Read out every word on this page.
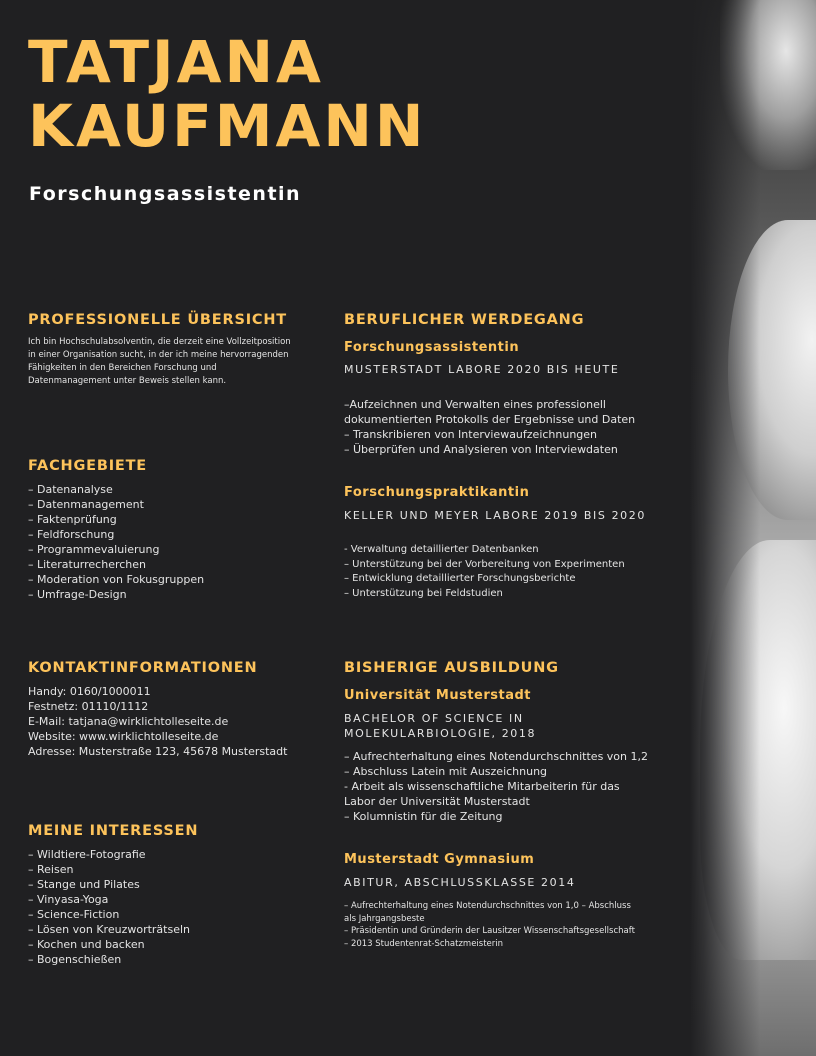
TATJANA
KAUFMANN

Forschungsassistentin

PROFESSIONELLE ÜBERSICHT
Ich bin Hochschulabsolventin, die derzeit eine Vollzeitposition
in einer Organisation sucht, in der ich meine hervorragenden
Fähigkeiten in den Bereichen Forschung und
Datenmanagement unter Beweis stellen kann.
FACHGEBIETE
– Datenanalyse
– Datenmanagement
– Faktenprüfung
– Feldforschung
– Programmevaluierung
– Literaturrecherchen
– Moderation von Fokusgruppen
– Umfrage-Design
KONTAKTINFORMATIONEN
Handy: 0160/1000011
Festnetz: 01110/1112
E-Mail: tatjana@wirklichtolleseite.de
Website: www.wirklichtolleseite.de
Adresse: Musterstraße 123, 45678 Musterstadt
MEINE INTERESSEN
– Wildtiere-Fotografie
– Reisen
– Stange und Pilates
– Vinyasa-Yoga
– Science-Fiction
– Lösen von Kreuzworträtseln
– Kochen und backen
– Bogenschießen
BERUFLICHER WERDEGANG

Forschungsassistentin

MUSTERSTADT LABORE 2020 BIS HEUTE

–Aufzeichnen und Verwalten eines professionell
dokumentierten Protokolls der Ergebnisse und Daten
– Transkribieren von Interviewaufzeichnungen
– Überprüfen und Analysieren von Interviewdaten

Forschungspraktikantin

KELLER UND MEYER LABORE 2019 BIS 2020

- Verwaltung detaillierter Datenbanken
– Unterstützung bei der Vorbereitung von Experimenten
– Entwicklung detaillierter Forschungsberichte
– Unterstützung bei Feldstudien
BISHERIGE AUSBILDUNG

Universität Musterstadt

BACHELOR OF SCIENCE IN

MOLEKULARBIOLOGIE, 2018

– Aufrechterhaltung eines Notendurchschnittes von 1,2
– Abschluss Latein mit Auszeichnung
- Arbeit als wissenschaftliche Mitarbeiterin für das
Labor der Universität Musterstadt
– Kolumnistin für die Zeitung

Musterstadt Gymnasium

ABITUR, ABSCHLUSSKLASSE 2014

– Aufrechterhaltung eines Notendurchschnittes von 1,0 – Abschluss
als Jahrgangsbeste
– Präsidentin und Gründerin der Lausitzer Wissenschaftsgesellschaft
– 2013 Studentenrat-Schatzmeisterin
